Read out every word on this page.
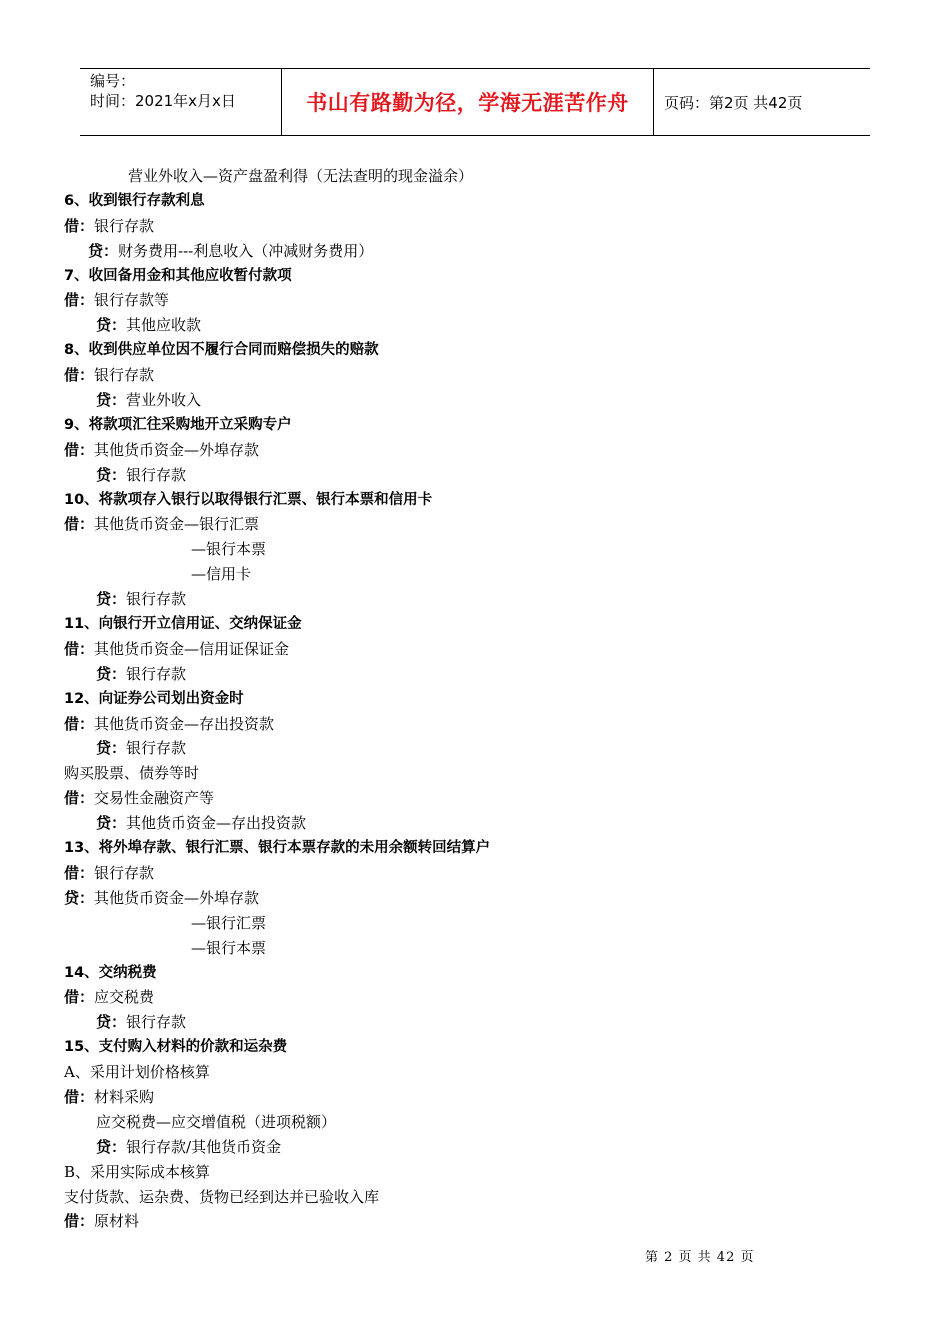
编号：
时间：2021年x月x日	书山有路勤为径，学海无涯苦作舟 页码：第2页 共42页
营业外收入—资产盘盈利得（无法查明的现金溢余）
6、收到银行存款利息
借：银行存款
贷：财务费用---利息收入（冲减财务费用）
7、收回备用金和其他应收暂付款项
借：银行存款等
贷：其他应收款
8、收到供应单位因不履行合同而赔偿损失的赔款
借：银行存款
贷：营业外收入
9、将款项汇往采购地开立采购专户
借：其他货币资金—外埠存款
贷：银行存款
10、将款项存入银行以取得银行汇票、银行本票和信用卡
借：其他货币资金—银行汇票
—银行本票
—信用卡
贷：银行存款
11、向银行开立信用证、交纳保证金
借：其他货币资金—信用证保证金
贷：银行存款
12、向证券公司划出资金时
借：其他货币资金—存出投资款
贷：银行存款
购买股票、债券等时
借：交易性金融资产等
贷：其他货币资金—存出投资款
13、将外埠存款、银行汇票、银行本票存款的未用余额转回结算户
借：银行存款
贷：其他货币资金—外埠存款
—银行汇票
—银行本票
14、交纳税费
借：应交税费
贷：银行存款
15、支付购入材料的价款和运杂费
A、采用计划价格核算
借：材料采购
应交税费—应交增值税（进项税额）
贷：银行存款/其他货币资金
B、采用实际成本核算
支付货款、运杂费、货物已经到达并已验收入库
借：原材料
第 2 页 共 42 页
